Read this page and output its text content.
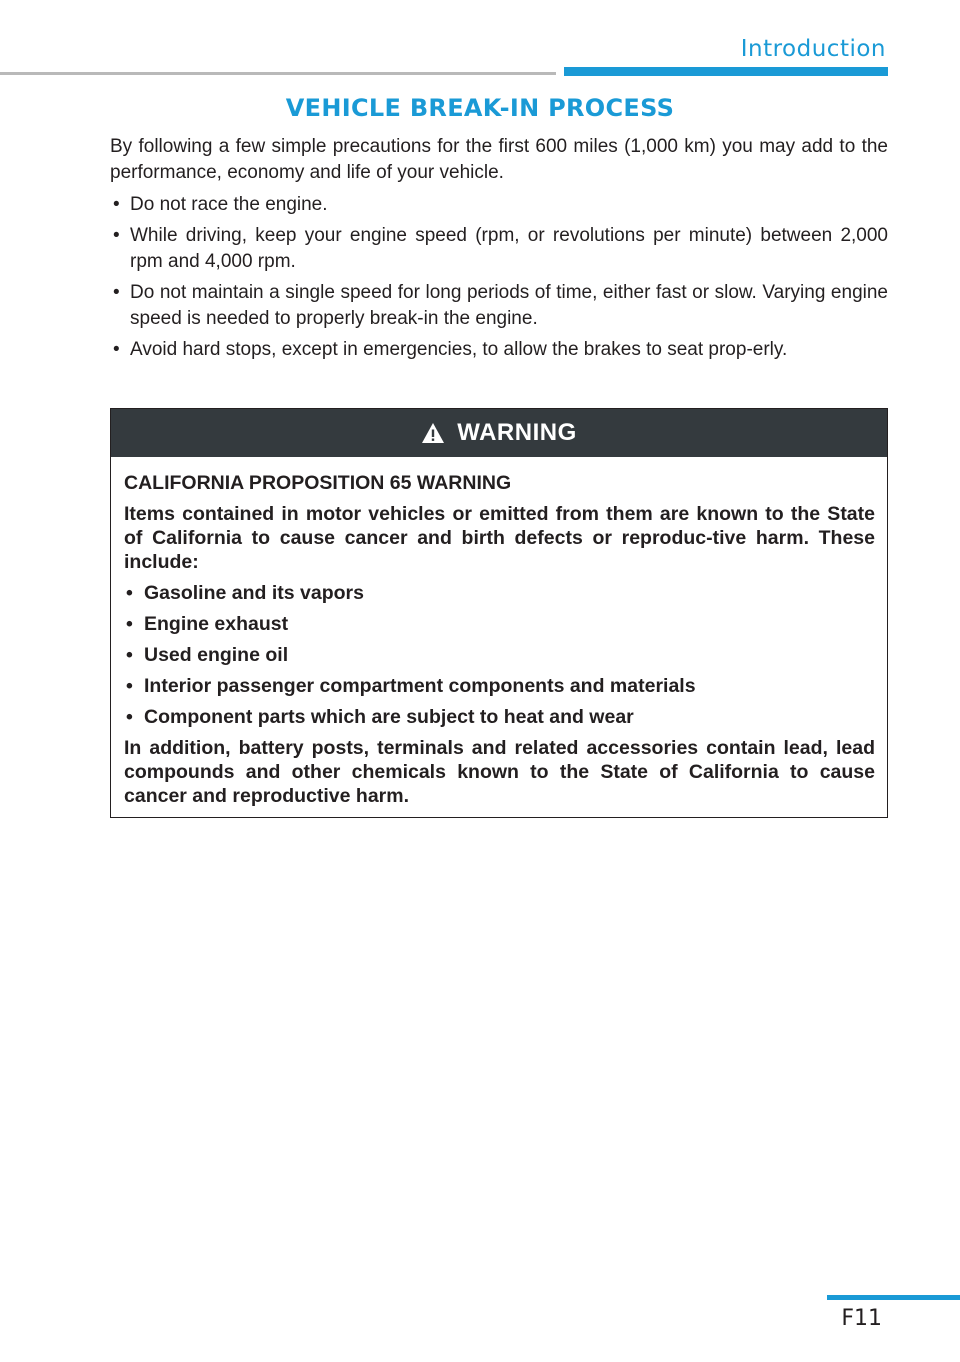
Introduction
VEHICLE BREAK-IN PROCESS

By following a few simple precautions for the first 600 miles (1,000 km) you may add to the performance, economy and life of your vehicle.

• Do not race the engine.
• While driving, keep your engine speed (rpm, or revolutions per minute) between 2,000 rpm and 4,000 rpm.
• Do not maintain a single speed for long periods of time, either fast or slow. Varying engine speed is needed to properly break-in the engine.
• Avoid hard stops, except in emergencies, to allow the brakes to seat prop-erly.
WARNING

CALIFORNIA PROPOSITION 65 WARNING

Items contained in motor vehicles or emitted from them are known to the State of California to cause cancer and birth defects or reproduc-tive harm. These include:

• Gasoline and its vapors
• Engine exhaust
• Used engine oil
• Interior passenger compartment components and materials
• Component parts which are subject to heat and wear

In addition, battery posts, terminals and related accessories contain lead, lead compounds and other chemicals known to the State of California to cause cancer and reproductive harm.

F11
